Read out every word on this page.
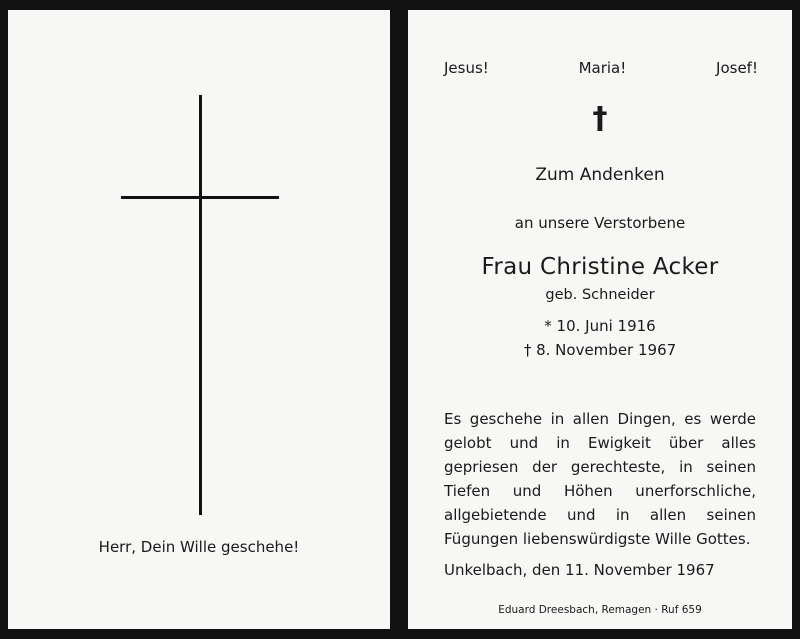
Herr, Dein Wille geschehe!
Jesus!	Maria!	Josef!
†
Zum Andenken
an unsere Verstorbene
Frau Christine Acker
geb. Schneider
* 10. Juni 1916
† 8. November 1967
Es geschehe in allen Dingen, es werde gelobt und in Ewigkeit über alles gepriesen der gerechteste, in seinen Tiefen und Höhen unerforschliche, allgebietende und in allen seinen Fügungen liebenswürdigste Wille Gottes.
Unkelbach, den 11. November 1967
Eduard Dreesbach, Remagen · Ruf 659
